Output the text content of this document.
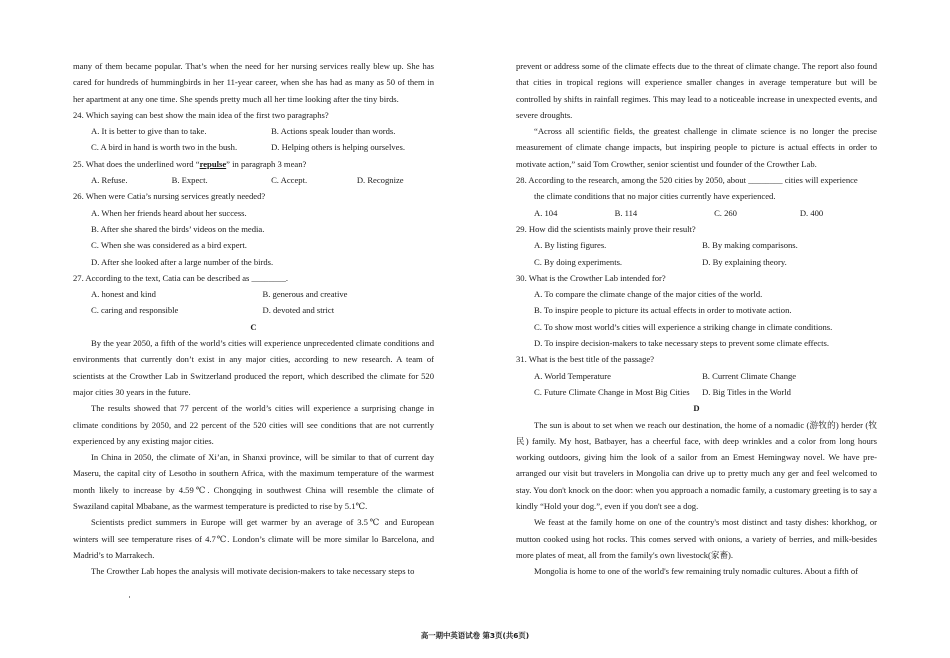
many of them became popular. That’s when the need for her nursing services really blew up. She has cared for hundreds of hummingbirds in her 11-year career, when she has had as many as 50 of them in her apartment at any one time. She spends pretty much all her time looking after the tiny birds.

24. Which saying can best show the main idea of the first two paragraphs?

A. It is better to give than to take.	B. Actions speak louder than words.
C. A bird in hand is worth two in the bush.	D. Helping others is helping ourselves.

25. What does the underlined word “repulse” in paragraph 3 mean?

A. Refuse.	B. Expect.	C. Accept.	D. Recognize

26. When were Catia’s nursing services greatly needed?

A. When her friends heard about her success.

B. After she shared the birds’ videos on the media.

C. When she was considered as a bird expert.

D. After she looked after a large number of the birds.

27. According to the text, Catia can be described as ________.

A. honest and kind	B. generous and creative
C. caring and responsible	D. devoted and strict

C

By the year 2050, a fifth of the world’s cities will experience unprecedented climate conditions and environments that currently don’t exist in any major cities, according to new research. A team of scientists at the Crowther Lab in Switzerland produced the report, which described the climate for 520 major cities 30 years in the future.

The results showed that 77 percent of the world’s cities will experience a surprising change in climate conditions by 2050, and 22 percent of the 520 cities will see conditions that are not currently experienced by any existing major cities.

In China in 2050, the climate of Xi’an, in Shanxi province, will be similar to that of current day Maseru, the capital city of Lesotho in southern Africa, with the maximum temperature of the warmest month likely to increase by 4.59℃. Chongqing in southwest China will resemble the climate of Swaziland capital Mbabane, as the warmest temperature is predicted to rise by 5.1℃.

Scientists predict summers in Europe will get warmer by an average of 3.5℃ and European winters will see temperature rises of 4.7℃. London’s climate will be more similar lo Barcelona, and Madrid’s to Marrakech.

The Crowther Lab hopes the analysis will motivate decision-makers to take necessary steps to

prevent or address some of the climate effects due to the threat of climate change. The report also found that cities in tropical regions will experience smaller changes in average temperature but will be controlled by shifts in rainfall regimes. This may lead to a noticeable increase in unexpected events, and severe droughts.

“Across all scientific fields, the greatest challenge in climate science is no longer the precise measurement of climate change impacts, but inspiring people to picture is actual effects in order to motivate action,” said Tom Crowther, senior scientist und founder of the Crowther Lab.

28. According to the research, among the 520 cities by 2050, about ________ cities will experience

the climate conditions that no major cities currently have experienced.

A. 104	B. 114	C. 260	D. 400

29. How did the scientists mainly prove their result?

A. By listing figures.	B. By making comparisons.
C. By doing experiments.	D. By explaining theory.

30. What is the Crowther Lab intended for?

A. To compare the climate change of the major cities of the world.

B. To inspire people to picture its actual effects in order to motivate action.

C. To show most world’s cities will experience a striking change in climate conditions.

D. To inspire decision-makers to take necessary steps to prevent some climate effects.

31. What is the best title of the passage?

A. World Temperature	B. Current Climate Change
C. Future Climate Change in Most Big Cities	D. Big Titles in the World

D

The sun is about to set when we reach our destination, the home of a nomadic (游牧的) herder (牧民) family. My host, Batbayer, has a cheerful face, with deep wrinkles and a color from long hours working outdoors, giving him the look of a sailor from an Emest Hemingway novel. We have pre-arranged our visit but travelers in Mongolia can drive up to pretty much any ger and feel welcomed to stay. You don't knock on the door: when you approach a nomadic family, a customary greeting is to say a kindly “Hold your dog.”, even if you don't see a dog.

We feast at the family home on one of the country's most distinct and tasty dishes: khorkhog, or mutton cooked using hot rocks. This comes served with onions, a variety of berries, and milk-besides more plates of meat, all from the family's own livestock(家畜).

Mongolia is home to one of the world's few remaining truly nomadic cultures. About a fifth of

高一期中英语试卷 第3页(共6页)
